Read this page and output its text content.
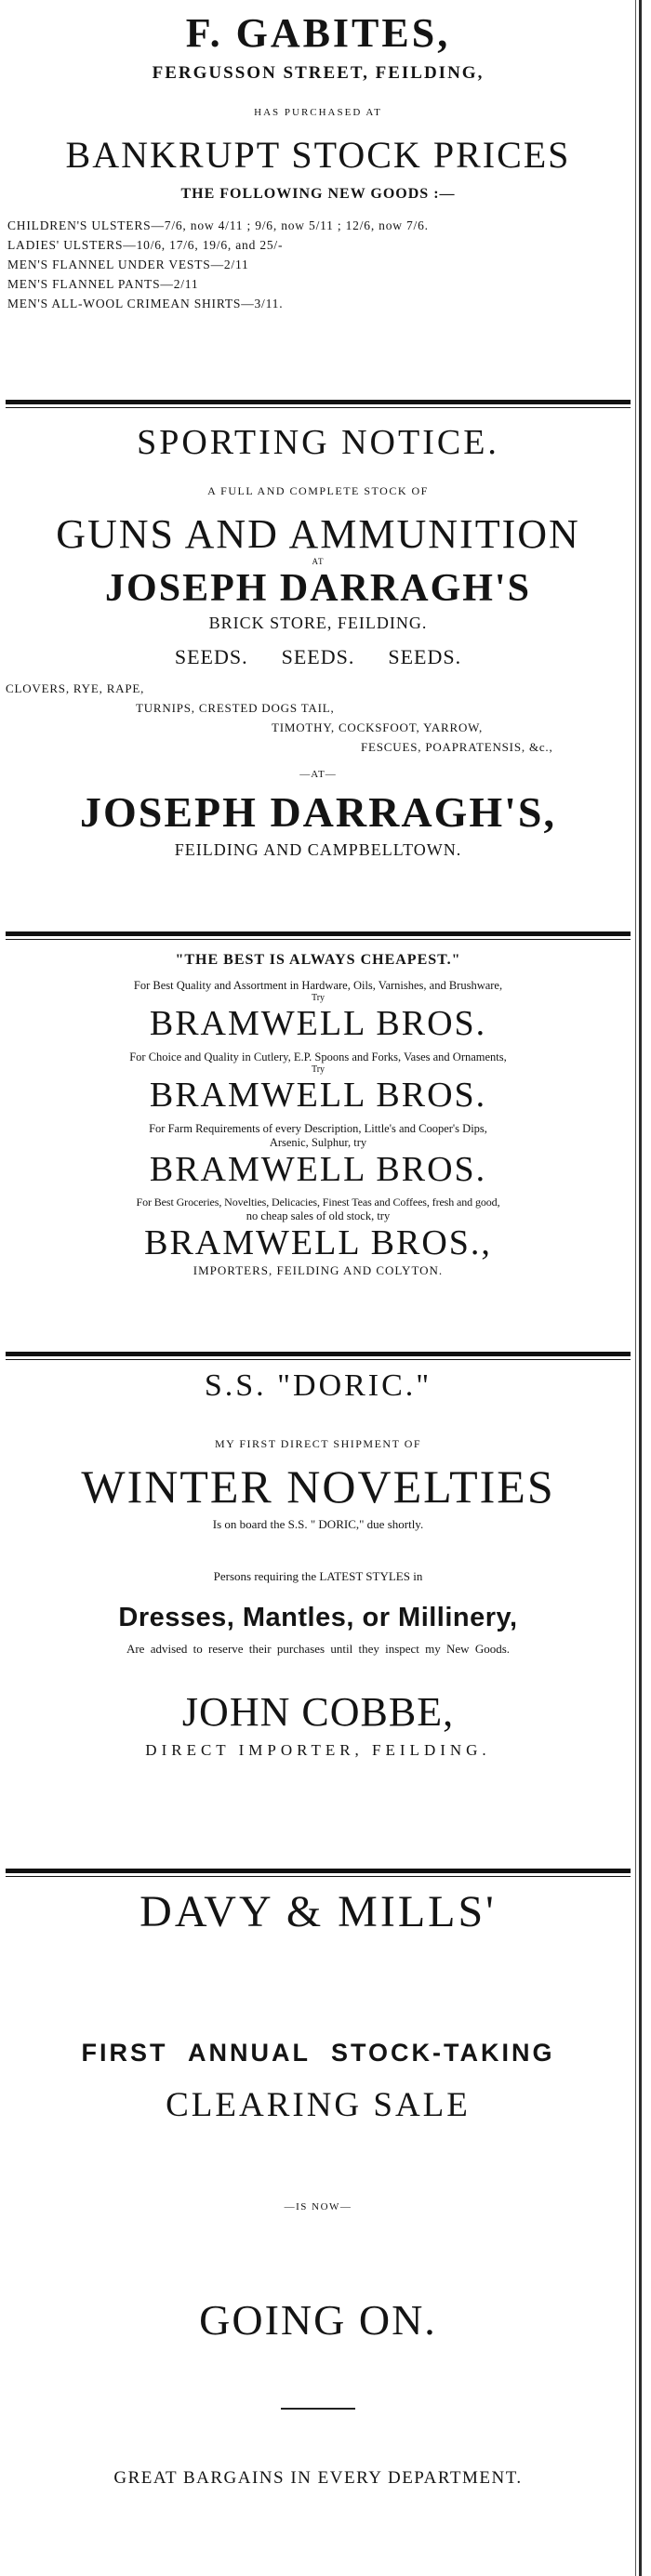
F. GABITES,
FERGUSSON STREET, FEILDING,
HAS PURCHASED AT
BANKRUPT STOCK PRICES
THE FOLLOWING NEW GOODS :—
CHILDREN'S ULSTERS—7/6, now 4/11 ; 9/6, now 5/11 ; 12/6, now 7/6.
LADIES' ULSTERS—10/6, 17/6, 19/6, and 25/-
MEN'S FLANNEL UNDER VESTS—2/11
MEN'S FLANNEL PANTS—2/11
MEN'S ALL-WOOL CRIMEAN SHIRTS—3/11.
SPORTING NOTICE.
A FULL AND COMPLETE STOCK OF
GUNS AND AMMUNITION
AT
JOSEPH DARRAGH'S
BRICK STORE, FEILDING.
SEEDS. SEEDS. SEEDS.
CLOVERS, RYE, RAPE,
TURNIPS, CRESTED DOGS TAIL,
TIMOTHY, COCKSFOOT, YARROW,
FESCUES, POAPRATENSIS, &c.,
—AT—
JOSEPH DARRAGH'S,
FEILDING AND CAMPBELLTOWN.
"THE BEST IS ALWAYS CHEAPEST."
For Best Quality and Assortment in Hardware, Oils, Varnishes, and Brushware,
Try
BRAMWELL BROS.
For Choice and Quality in Cutlery, E.P. Spoons and Forks, Vases and Ornaments,
Try
BRAMWELL BROS.
For Farm Requirements of every Description, Little's and Cooper's Dips,
Arsenic, Sulphur, try
BRAMWELL BROS.
For Best Groceries, Novelties, Delicacies, Finest Teas and Coffees, fresh and good,
no cheap sales of old stock, try
BRAMWELL BROS.,
IMPORTERS, FEILDING AND COLYTON.
S.S. "DORIC."
MY FIRST DIRECT SHIPMENT OF
WINTER NOVELTIES
Is on board the S.S. " DORIC," due shortly.
Persons requiring the LATEST STYLES in
Dresses, Mantles, or Millinery,
Are advised to reserve their purchases until they inspect my New Goods.
JOHN COBBE,
DIRECT IMPORTER, FEILDING.
DAVY & MILLS'
FIRST ANNUAL STOCK-TAKING
CLEARING SALE
—IS NOW—
GOING ON.
GREAT BARGAINS IN EVERY DEPARTMENT.
